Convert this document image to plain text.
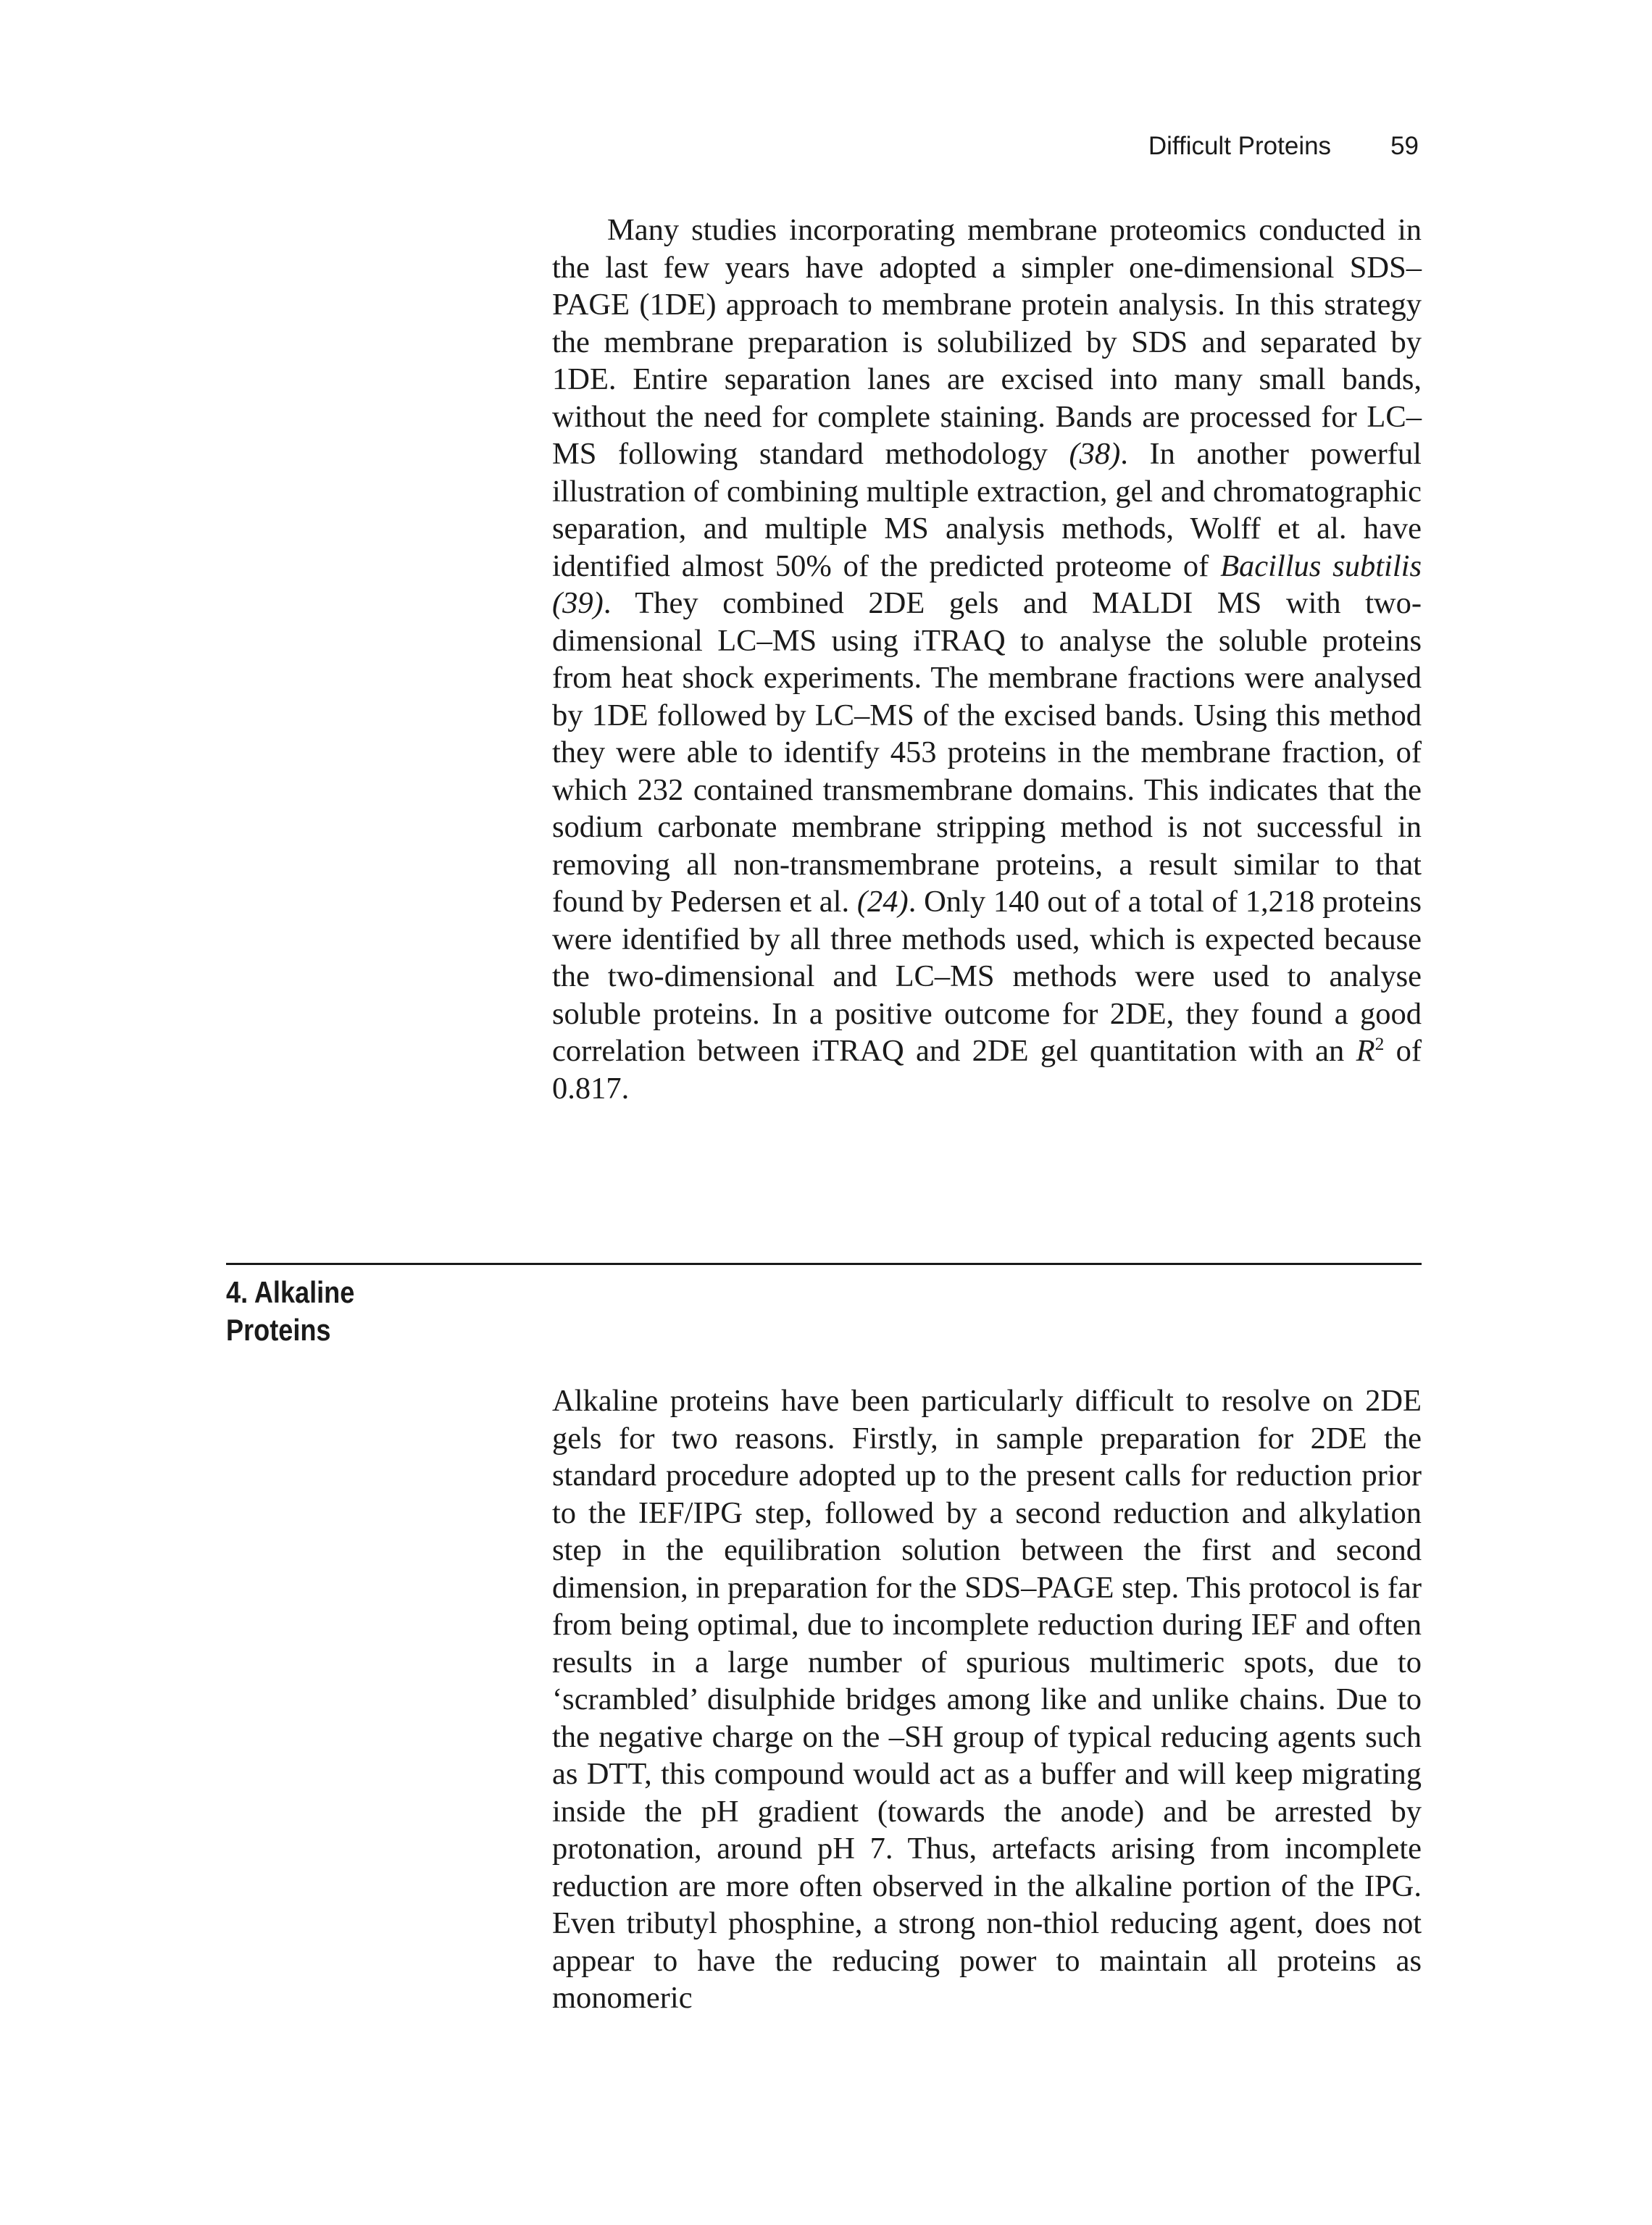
Difficult Proteins 59

Many studies incorporating membrane proteomics conducted in the last few years have adopted a simpler one-dimensional SDS–PAGE (1DE) approach to membrane protein analysis. In this strategy the membrane preparation is solubilized by SDS and separated by 1DE. Entire separation lanes are excised into many small bands, without the need for complete staining. Bands are processed for LC–MS following standard methodology (38). In another powerful illustration of combining multiple extraction, gel and chromatographic separation, and multiple MS analysis methods, Wolff et al. have identified almost 50% of the predicted proteome of Bacillus subtilis (39). They combined 2DE gels and MALDI MS with two-dimensional LC–MS using iTRAQ to analyse the soluble proteins from heat shock experiments. The membrane fractions were analysed by 1DE followed by LC–MS of the excised bands. Using this method they were able to identify 453 proteins in the membrane fraction, of which 232 contained transmembrane domains. This indicates that the sodium carbonate membrane stripping method is not successful in removing all non-transmembrane proteins, a result similar to that found by Pedersen et al. (24). Only 140 out of a total of 1,218 proteins were identified by all three methods used, which is expected because the two-dimensional and LC–MS methods were used to analyse soluble proteins. In a positive outcome for 2DE, they found a good correlation between iTRAQ and 2DE gel quantitation with an $R^2$ of 0.817.

4. Alkaline
Proteins

Alkaline proteins have been particularly difficult to resolve on 2DE gels for two reasons. Firstly, in sample preparation for 2DE the standard procedure adopted up to the present calls for reduction prior to the IEF/IPG step, followed by a second reduction and alkylation step in the equilibration solution between the first and second dimension, in preparation for the SDS–PAGE step. This protocol is far from being optimal, due to incomplete reduction during IEF and often results in a large number of spurious multimeric spots, due to ‘scrambled’ disulphide bridges among like and unlike chains. Due to the negative charge on the –SH group of typical reducing agents such as DTT, this compound would act as a buffer and will keep migrating inside the pH gradient (towards the anode) and be arrested by protonation, around pH 7. Thus, artefacts arising from incomplete reduction are more often observed in the alkaline portion of the IPG. Even tributyl phosphine, a strong non-thiol reducing agent, does not appear to have the reducing power to maintain all proteins as monomeric
